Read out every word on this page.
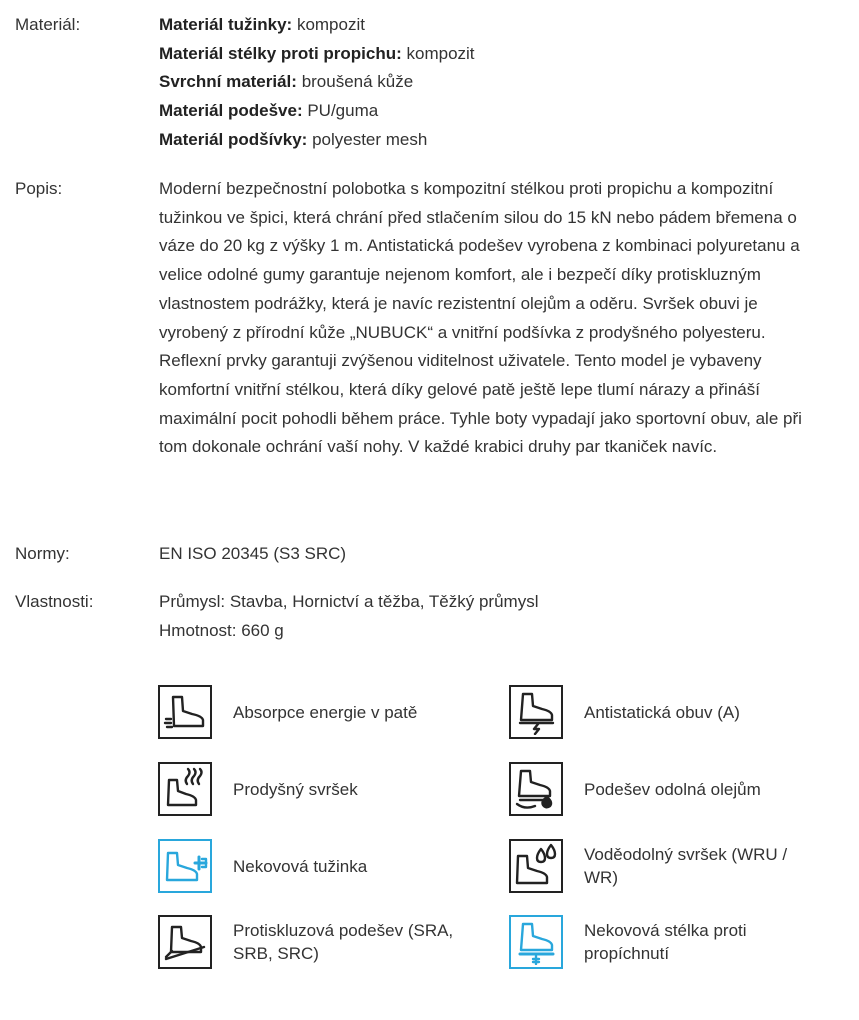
Materiál:	Materiál tužinky: kompozit
Materiál stélky proti propichu: kompozit
Svrchní materiál: broušená kůže
Materiál podešve: PU/guma
Materiál podšívky: polyester mesh
Popis:	Moderní bezpečnostní polobotka s kompozitní stélkou proti propichu a kompozitní tužinkou ve špici, která chrání před stlačením silou do 15 kN nebo pádem břemena o váze do 20 kg z výšky 1 m. Antistatická podešev vyrobena z kombinaci polyuretanu a velice odolné gumy garantuje nejenom komfort, ale i bezpečí díky protiskluzným vlastnostem podrážky, která je navíc rezistentní olejům a oděru. Svršek obuvi je vyrobený z přírodní kůže „NUBUCK“ a vnitřní podšívka z prodyšného polyesteru. Reflexní prvky garantuji zvýšenou viditelnost uživatele. Tento model je vybaveny komfortní vnitřní stélkou, která díky gelové patě ještě lepe tlumí nárazy a přináší maximální pocit pohodli během práce. Tyhle boty vypadají jako sportovní obuv, ale při tom dokonale ochrání vaší nohy. V každé krabici druhy par tkaniček navíc.
Normy:	EN ISO 20345 (S3 SRC)
Vlastnosti:	Průmysl: Stavba, Hornictví a těžba, Těžký průmysl
Hmotnost: 660 g
Absorpce energie v patě	Antistatická obuv (A)
Prodyšný svršek	Podešev odolná olejům
Nekovová tužinka
Voděodolný svršek (WRU / WR)
Protiskluzová podešev (SRA, SRB, SRC)
Nekovová stélka proti propíchnutí
